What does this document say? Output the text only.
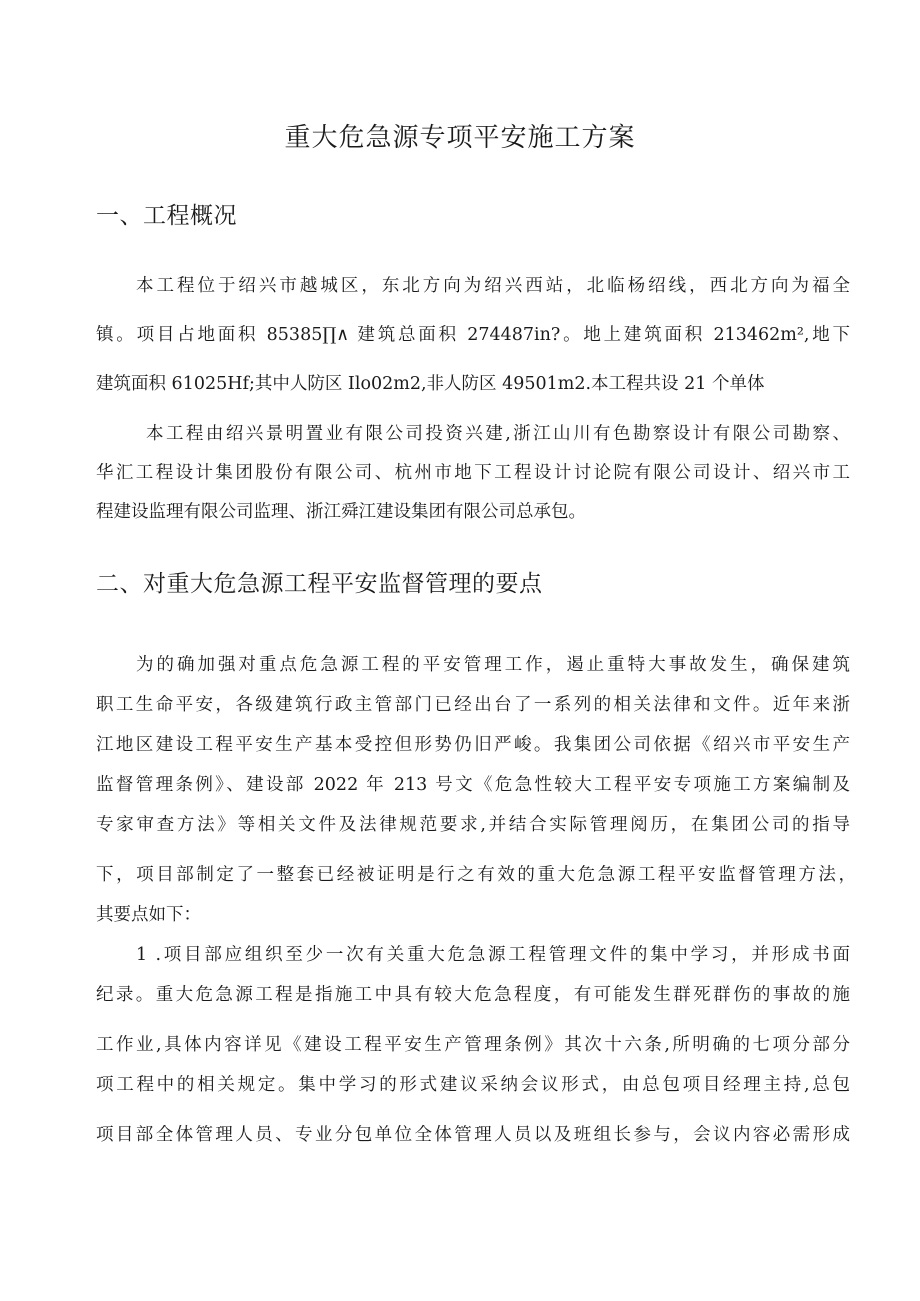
重大危急源专项平安施工方案
一、工程概况
本工程位于绍兴市越城区，东北方向为绍兴西站，北临杨绍线，西北方向为福全
镇。项目占地面积 85385∏∧ 建筑总面积 274487in?。地上建筑面积 213462m²,地下
建筑面积 61025Hf;其中人防区 Ilo02m2,非人防区 49501m2.本工程共设 21 个单体
本工程由绍兴景明置业有限公司投资兴建,浙江山川有色勘察设计有限公司勘察、
华汇工程设计集团股份有限公司、杭州市地下工程设计讨论院有限公司设计、绍兴市工
程建设监理有限公司监理、浙江舜江建设集团有限公司总承包。
二、对重大危急源工程平安监督管理的要点
为的确加强对重点危急源工程的平安管理工作，遏止重特大事故发生，确保建筑
职工生命平安，各级建筑行政主管部门已经出台了一系列的相关法律和文件。近年来浙
江地区建设工程平安生产基本受控但形势仍旧严峻。我集团公司依据《绍兴市平安生产
监督管理条例》、建设部 2022 年 213 号文《危急性较大工程平安专项施工方案编制及
专家审查方法》等相关文件及法律规范要求,并结合实际管理阅历，在集团公司的指导
下，项目部制定了一整套已经被证明是行之有效的重大危急源工程平安监督管理方法，
其要点如下：
1 .项目部应组织至少一次有关重大危急源工程管理文件的集中学习，并形成书面
纪录。重大危急源工程是指施工中具有较大危急程度，有可能发生群死群伤的事故的施
工作业,具体内容详见《建设工程平安生产管理条例》其次十六条,所明确的七项分部分
项工程中的相关规定。集中学习的形式建议采纳会议形式，由总包项目经理主持,总包
项目部全体管理人员、专业分包单位全体管理人员以及班组长参与，会议内容必需形成
